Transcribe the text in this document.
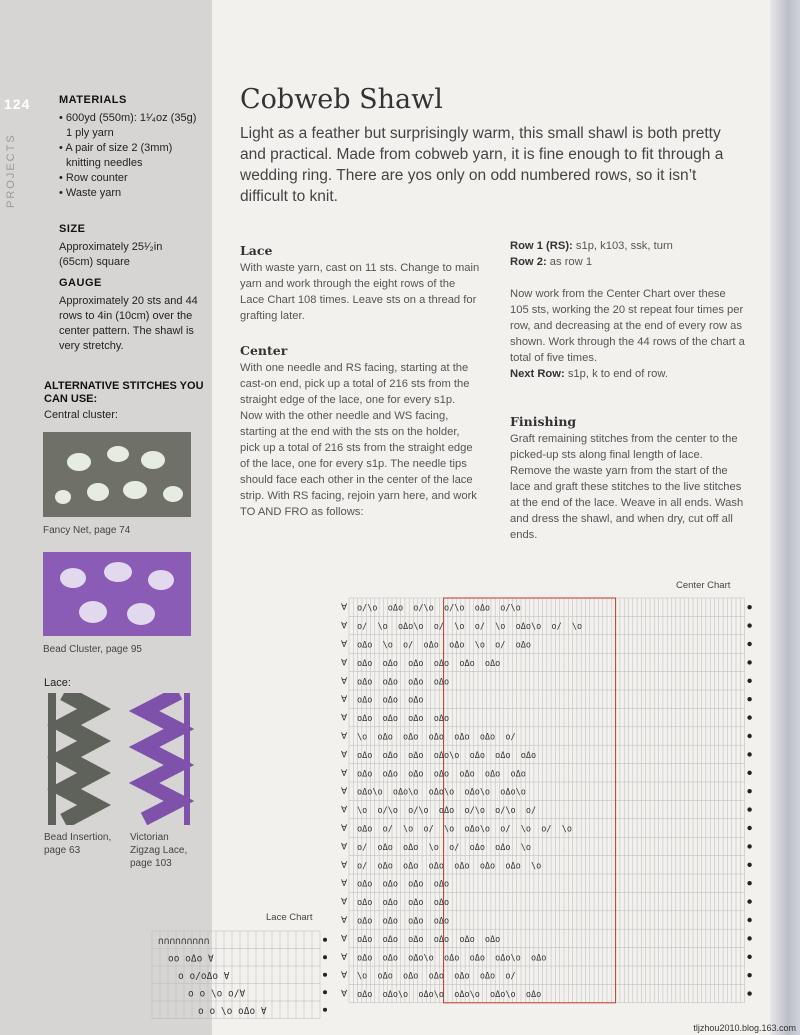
124
PROJECTS
MATERIALS
• 600yd (550m): 1¹⁄₄oz (35g) 1 ply yarn
• A pair of size 2 (3mm) knitting needles
• Row counter
• Waste yarn
SIZE

Approximately 25¹⁄₂in (65cm) square

GAUGE

Approximately 20 sts and 44 rows to 4in (10cm) over the center pattern. The shawl is very stretchy.

ALTERNATIVE STITCHES YOU CAN USE:
Central cluster:
Fancy Net, page 74
Bead Cluster, page 95
Lace:
Bead Insertion,
page 63
Victorian
Zigzag Lace,
page 103
Cobweb Shawl

Light as a feather but surprisingly warm, this small shawl is both pretty and practical. Made from cobweb yarn, it is fine enough to fit through a wedding ring. There are yos only on odd numbered rows, so it isn’t difficult to knit.

Lace

With waste yarn, cast on 11 sts. Change to main yarn and work through the eight rows of the Lace Chart 108 times. Leave sts on a thread for grafting later.

Center

With one needle and RS facing, starting at the cast-on end, pick up a total of 216 sts from the straight edge of the lace, one for every s1p. Now with the other needle and WS facing, starting at the end with the sts on the holder, pick up a total of 216 sts from the straight edge of the lace, one for every s1p. The needle tips should face each other in the center of the lace strip. With RS facing, rejoin yarn here, and work TO AND FRO as follows:

Row 1 (RS): s1p, k103, ssk, turn

Row 2: as row 1

Now work from the Center Chart over these 105 sts, working the 20 st repeat four times per row, and decreasing at the end of every row as shown. Work through the 44 rows of the chart a total of five times.

Next Row: s1p, k to end of row.

Finishing

Graft remaining stitches from the center to the picked-up sts along final length of lace. Remove the waste yarn from the start of the lace and graft these stitches to the live stitches at the end of the lace. Weave in all ends. Wash and dress the shawl, and when dry, cut off all ends.

Center Chart
Lace Chart
∀
∀
∀
∀
∀
∀
∀
∀
∀
∀
∀
∀
∀
∀
∀
∀
∀
∀
∀
∀
∀
∀
o/\o  oΔo  o/\o  o/\o  oΔo  o/\o
o/  \o  oΔo\o  o/  \o  o/  \o  oΔo\o  o/  \o
oΔo  \o  o/  oΔo  oΔo  \o  o/  oΔo
oΔo  oΔo  oΔo  oΔo  oΔo  oΔo
oΔo  oΔo  oΔo  oΔo
oΔo  oΔo  oΔo
oΔo  oΔo  oΔo  oΔo
\o  oΔo  oΔo  oΔo  oΔo  oΔo  o/
oΔo  oΔo  oΔo  oΔo\o  oΔo  oΔo  oΔo
oΔo  oΔo  oΔo  oΔo  oΔo  oΔo  oΔo
oΔo\o  oΔo\o  oΔo\o  oΔo\o  oΔo\o
\o  o/\o  o/\o  oΔo  o/\o  o/\o  o/
oΔo  o/  \o  o/  \o  oΔo\o  o/  \o  o/  \o
o/  oΔo  oΔo  \o  o/  oΔo  oΔo  \o
o/  oΔo  oΔo  oΔo  oΔo  oΔo  oΔo  \o
oΔo  oΔo  oΔo  oΔo
oΔo  oΔo  oΔo  oΔo
oΔo  oΔo  oΔo  oΔo
oΔo  oΔo  oΔo  oΔo  oΔo  oΔo
oΔo  oΔo  oΔo\o  oΔo  oΔo  oΔo\o  oΔo
\o  oΔo  oΔo  oΔo  oΔo  oΔo  o/
oΔo  oΔo\o  oΔo\o  oΔo\o  oΔo\o  oΔo
∩∩∩∩∩∩∩∩∩
oo oΔo ∀
o o/oΔo ∀
o o \o o/∀
o o \o oΔo ∀
tljzhou2010.blog.163.com
